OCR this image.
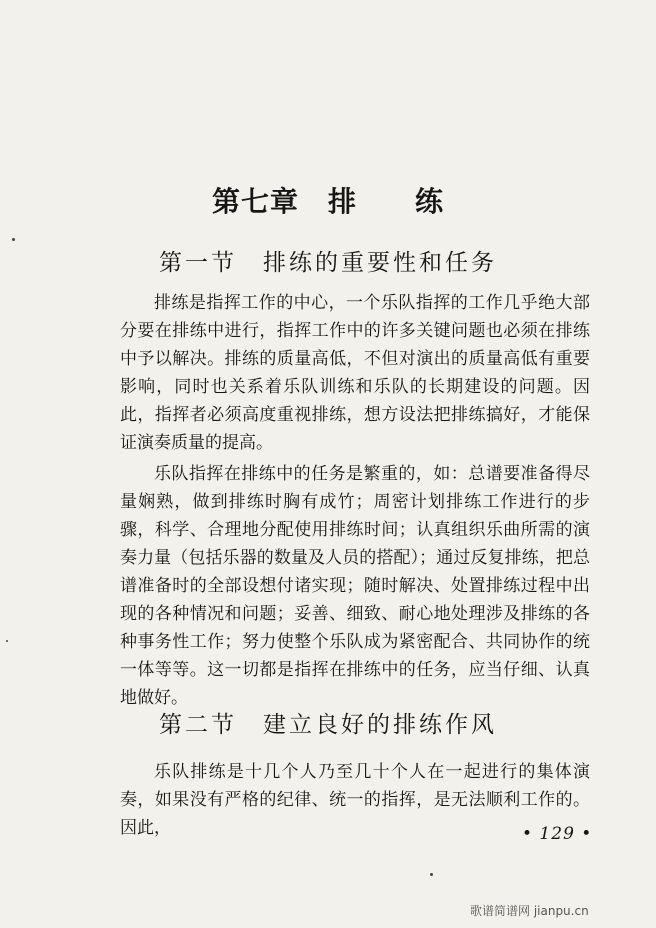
第七章　排　　练
第一节　排练的重要性和任务

排练是指挥工作的中心，一个乐队指挥的工作几乎绝大部分要在排练中进行，指挥工作中的许多关键问题也必须在排练中予以解决。排练的质量高低，不但对演出的质量高低有重要影响，同时也关系着乐队训练和乐队的长期建设的问题。因此，指挥者必须高度重视排练，想方设法把排练搞好，才能保证演奏质量的提高。

乐队指挥在排练中的任务是繁重的，如：总谱要准备得尽量娴熟，做到排练时胸有成竹；周密计划排练工作进行的步骤，科学、合理地分配使用排练时间；认真组织乐曲所需的演奏力量（包括乐器的数量及人员的搭配）；通过反复排练，把总谱准备时的全部设想付诸实现；随时解决、处置排练过程中出现的各种情况和问题；妥善、细致、耐心地处理涉及排练的各种事务性工作；努力使整个乐队成为紧密配合、共同协作的统一体等等。这一切都是指挥在排练中的任务，应当仔细、认真地做好。

第二节　建立良好的排练作风

乐队排练是十几个人乃至几十个人在一起进行的集体演奏，如果没有严格的纪律、统一的指挥，是无法顺利工作的。因此，	• 129 •
歌谱简谱网 jianpu.cn
